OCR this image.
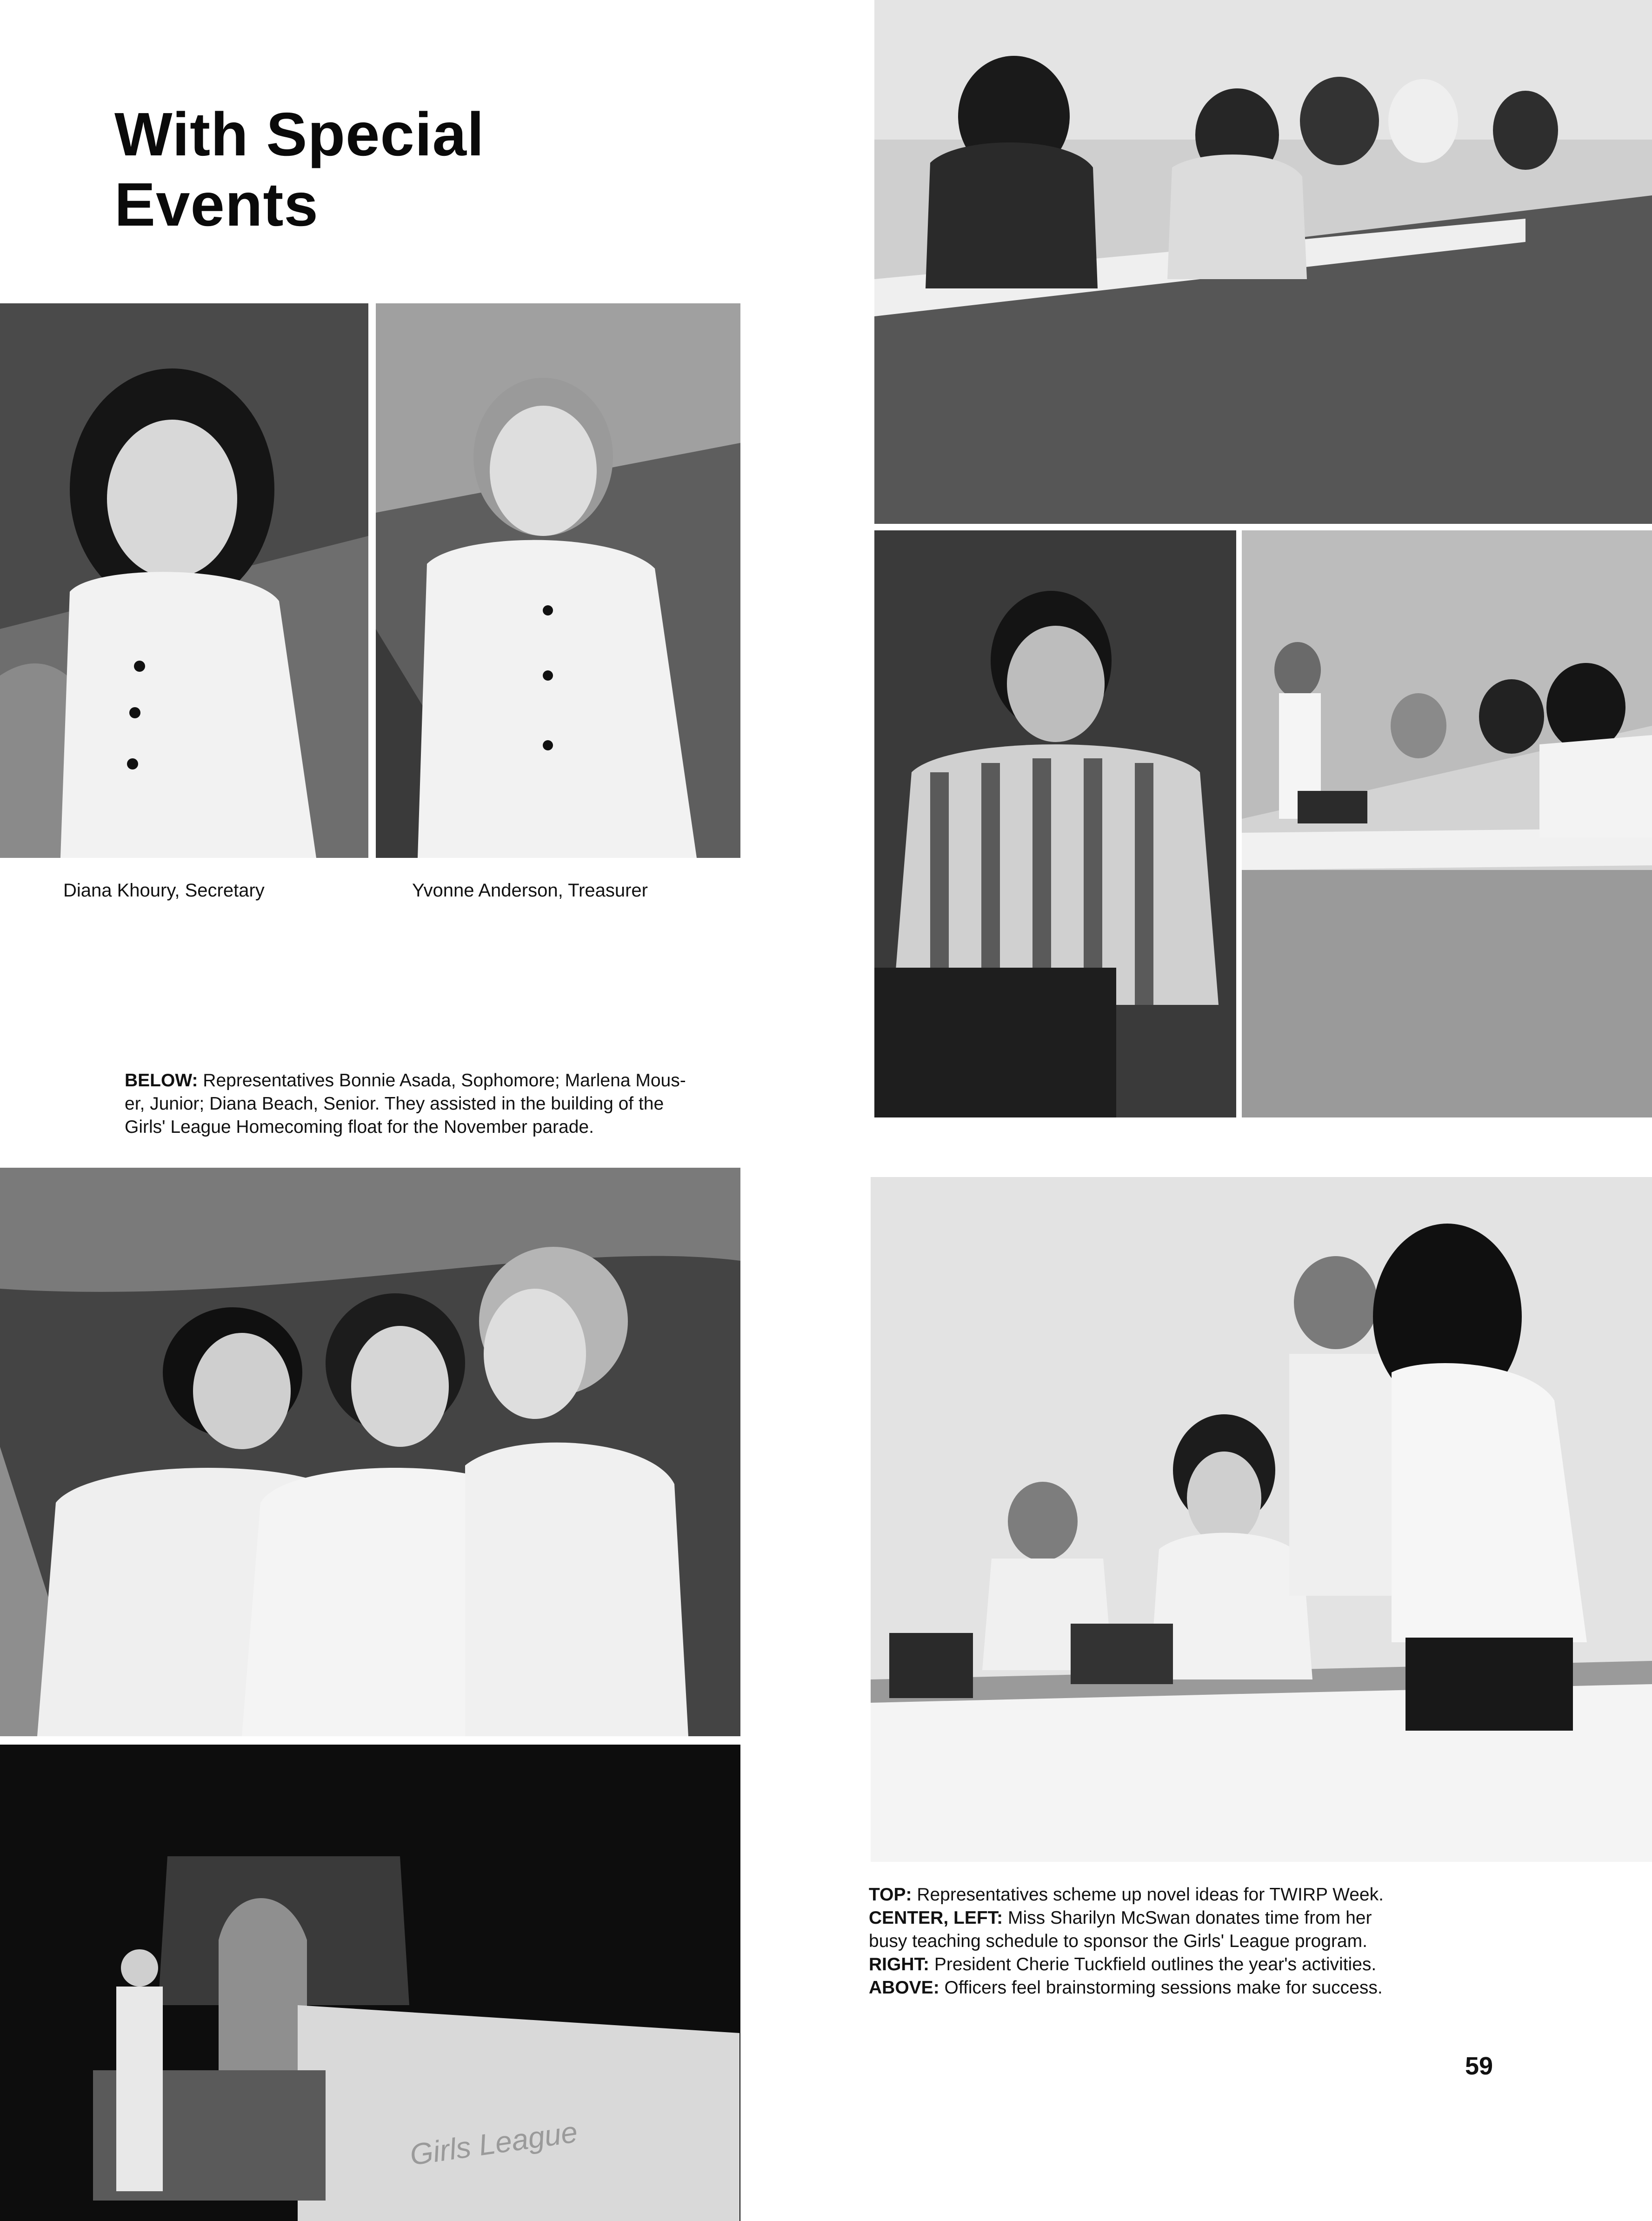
With Special Events
Diana Khoury, Secretary	Yvonne Anderson, Treasurer
BELOW: Representatives Bonnie Asada, Sophomore; Marlena Mous-
er, Junior; Diana Beach, Senior. They assisted in the building of the
Girls' League Homecoming float for the November parade.
Girls League
TOP: Representatives scheme up novel ideas for TWIRP Week.
CENTER, LEFT: Miss Sharilyn McSwan donates time from her
busy teaching schedule to sponsor the Girls' League program.
RIGHT: President Cherie Tuckfield outlines the year's activities.
ABOVE: Officers feel brainstorming sessions make for success.
59
